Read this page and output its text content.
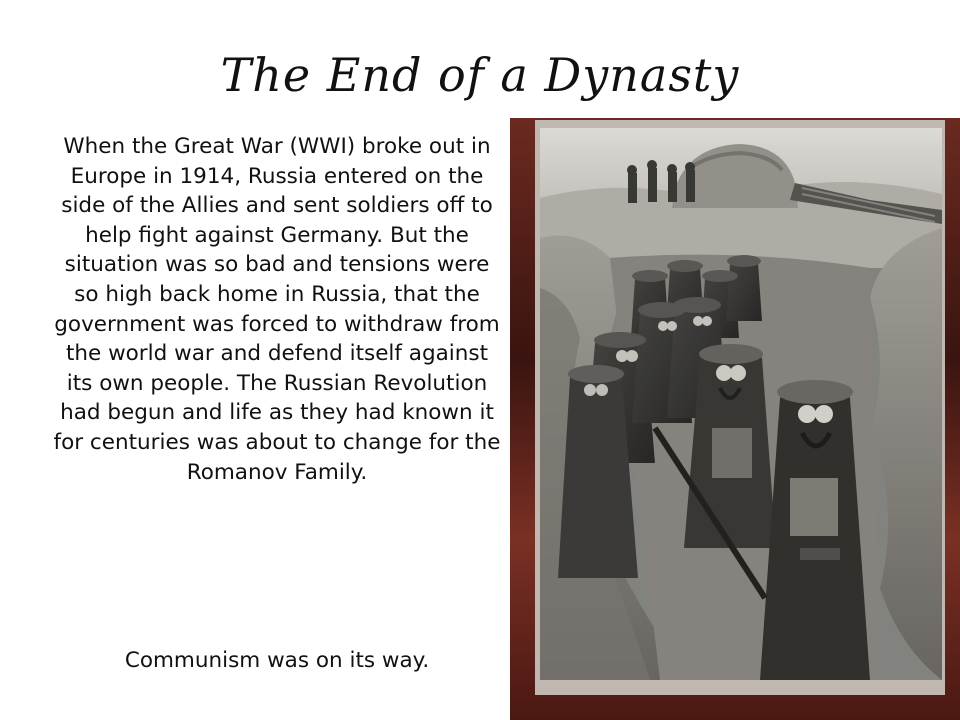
The End of a Dynasty

When the Great War (WWI) broke out in Europe in 1914, Russia entered on the side of the Allies and sent soldiers off to help fight against Germany. But the situation was so bad and tensions were so high back home in Russia, that the government was forced to withdraw from the world war and defend itself against its own people. The Russian Revolution had begun and life as they had known it for centuries was about to change for the Romanov Family.

Communism was on its way.
